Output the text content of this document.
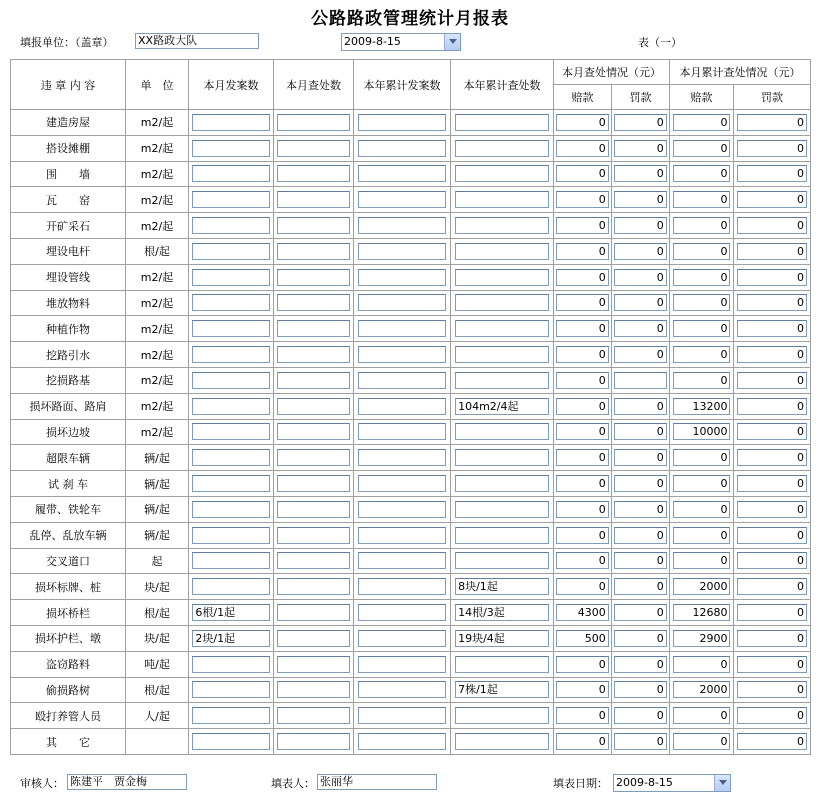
公路路政管理统计月报表
填报单位：（盖章） XX路政大队	2009-8-15	表（一）
违 章 内 容	单　位	本月发案数	本月查处数	本年累计发案数	本年累计查处数	本月查处情况（元）		本月累计查处情况（元）	
						赔款	罚款	赔款	罚款
建造房屋	m2/起					0	0	0	0

搭设摊棚	m2/起					0	0	0	0

围　　墙	m2/起					0	0	0	0

瓦　　窑	m2/起					0	0	0	0

开矿采石	m2/起					0	0	0	0

埋设电杆	根/起					0	0	0	0

埋设管线	m2/起					0	0	0	0

堆放物料	m2/起					0	0	0	0

种植作物	m2/起					0	0	0	0

挖路引水	m2/起					0	0	0	0

挖损路基	m2/起					0		0	0

损坏路面、路肩	m2/起				104m2/4起	0	0	13200	0

损坏边坡	m2/起					0	0	10000	0

超限车辆	辆/起					0	0	0	0

试 刹 车	辆/起					0	0	0	0

履带、铁轮车	辆/起					0	0	0	0

乱停、乱放车辆	辆/起					0	0	0	0

交叉道口	起					0	0	0	0

损坏标牌、桩	块/起				8块/1起	0	0	2000	0

损坏桥栏	根/起	6根/1起			14根/3起	4300	0	12680	0

损坏护栏、墩	块/起	2块/1起			19块/4起	500	0	2900	0

盗窃路料	吨/起					0	0	0	0

偷损路树	根/起				7株/1起	0	0	2000	0

殴打养管人员	人/起					0	0	0	0

其　　它						0	0	0	0
审核人： 陈建平　贾金梅	填表人： 张丽华	填表日期： 2009-8-15
